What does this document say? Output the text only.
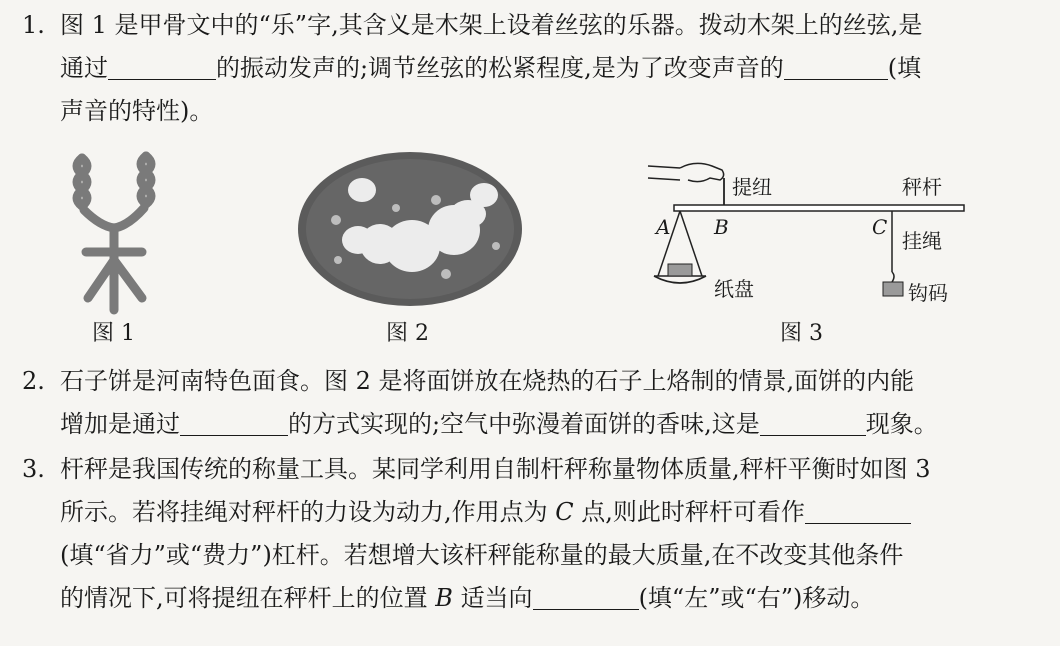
1. 图 1 是甲骨文中的“乐”字,其含义是木架上设着丝弦的乐器。拨动木架上的丝弦,是
通过	的振动发声的;调节丝弦的松紧程度,是为了改变声音的	(填
声音的特性)。
提纽	秤杆
A B	C
挂绳
纸盘	钩码
图 1	图 2	图 3
2. 石子饼是河南特色面食。图 2 是将面饼放在烧热的石子上烙制的情景,面饼的内能
增加是通过	的方式实现的;空气中弥漫着面饼的香味,这是	现象。
3. 杆秤是我国传统的称量工具。某同学利用自制杆秤称量物体质量,秤杆平衡时如图 3
所示。若将挂绳对秤杆的力设为动力,作用点为 C 点,则此时秤杆可看作
(填“省力”或“费力”)杠杆。若想增大该杆秤能称量的最大质量,在不改变其他条件
的情况下,可将提纽在秤杆上的位置 B 适当向	(填“左”或“右”)移动。
